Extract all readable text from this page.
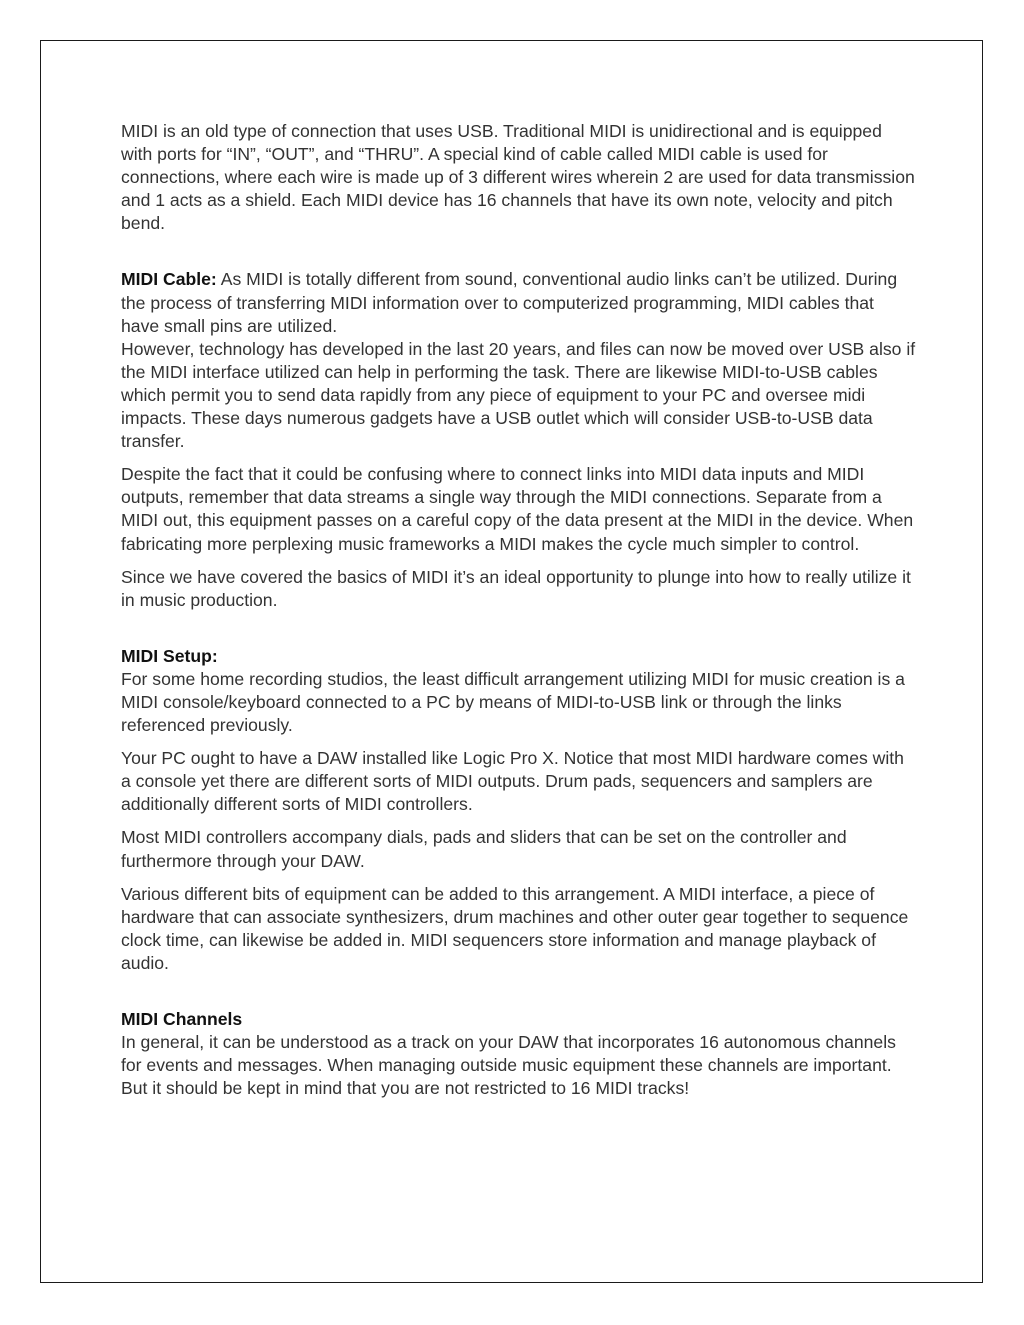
MIDI is an old type of connection that uses USB. Traditional MIDI is unidirectional and is equipped with ports for “IN”, “OUT”, and “THRU”. A special kind of cable called MIDI cable is used for connections, where each wire is made up of 3 different wires wherein 2 are used for data transmission and 1 acts as a shield. Each MIDI device has 16 channels that have its own note, velocity and pitch bend.

MIDI Cable: As MIDI is totally different from sound, conventional audio links can’t be utilized. During the process of transferring MIDI information over to computerized programming, MIDI cables that have small pins are utilized.

However, technology has developed in the last 20 years, and files can now be moved over USB also if the MIDI interface utilized can help in performing the task. There are likewise MIDI-to-USB cables which permit you to send data rapidly from any piece of equipment to your PC and oversee midi impacts. These days numerous gadgets have a USB outlet which will consider USB-to-USB data transfer.

Despite the fact that it could be confusing where to connect links into MIDI data inputs and MIDI outputs, remember that data streams a single way through the MIDI connections. Separate from a MIDI out, this equipment passes on a careful copy of the data present at the MIDI in the device. When fabricating more perplexing music frameworks a MIDI makes the cycle much simpler to control.

Since we have covered the basics of MIDI it’s an ideal opportunity to plunge into how to really utilize it in music production.

MIDI Setup:

For some home recording studios, the least difficult arrangement utilizing MIDI for music creation is a MIDI console/keyboard connected to a PC by means of MIDI-to-USB link or through the links referenced previously.

Your PC ought to have a DAW installed like Logic Pro X. Notice that most MIDI hardware comes with a console yet there are different sorts of MIDI outputs. Drum pads, sequencers and samplers are additionally different sorts of MIDI controllers.

Most MIDI controllers accompany dials, pads and sliders that can be set on the controller and furthermore through your DAW.

Various different bits of equipment can be added to this arrangement. A MIDI interface, a piece of hardware that can associate synthesizers, drum machines and other outer gear together to sequence clock time, can likewise be added in. MIDI sequencers store information and manage playback of audio.

MIDI Channels

In general, it can be understood as a track on your DAW that incorporates 16 autonomous channels for events and messages. When managing outside music equipment these channels are important. But it should be kept in mind that you are not restricted to 16 MIDI tracks!
